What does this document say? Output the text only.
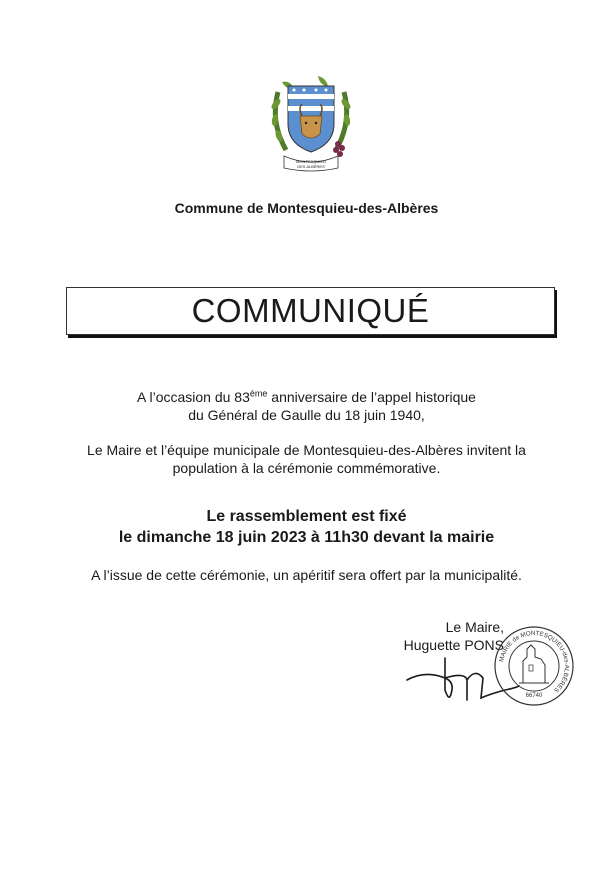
MONTESQUIEU
DES ALBÈRES
Commune de Montesquieu-des-Albères
COMMUNIQUÉ
A l’occasion du 83ème anniversaire de l’appel historique
du Général de Gaulle du 18 juin 1940,
Le Maire et l’équipe municipale de Montesquieu-des-Albères invitent la
population à la cérémonie commémorative.
Le rassemblement est fixé
le dimanche 18 juin 2023 à 11h30 devant la mairie
A l’issue de cette cérémonie, un apéritif sera offert par la municipalité.
Le Maire,
Huguette PONS
MAIRIE de MONTESQUIEU-des-ALBÈRES
66740
